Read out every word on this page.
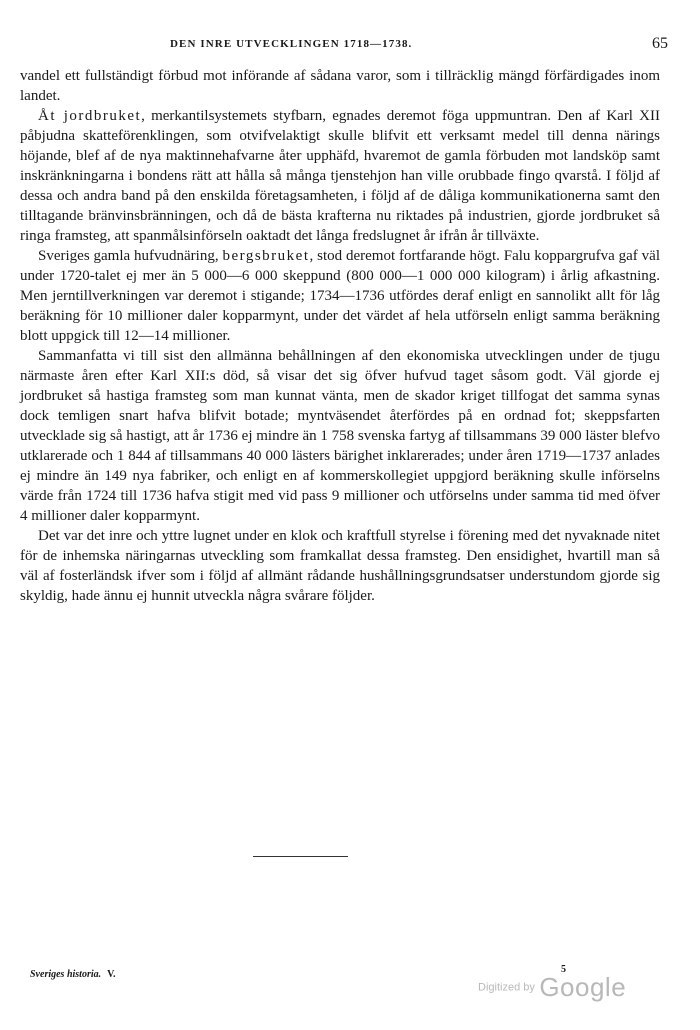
DEN INRE UTVECKLINGEN 1718—1738.	65

vandel ett fullständigt förbud mot införande af sådana varor, som i tillräcklig mängd förfärdigades inom landet.

Åt jordbruket, merkantilsystemets styfbarn, egnades deremot föga uppmuntran. Den af Karl XII påbjudna skatteförenklingen, som otvifvelaktigt skulle blifvit ett verksamt medel till denna närings höjande, blef af de nya maktinnehafvarne åter upphäfd, hvaremot de gamla förbuden mot landsköp samt inskränkningarna i bondens rätt att hålla så många tjenstehjon han ville orubbade fingo qvarstå. I följd af dessa och andra band på den enskilda företagsamheten, i följd af de dåliga kommunikationerna samt den tilltagande bränvinsbränningen, och då de bästa krafterna nu riktades på industrien, gjorde jordbruket så ringa framsteg, att spanmålsinförseln oaktadt det långa fredslugnet år ifrån år tillväxte.

Sveriges gamla hufvudnäring, bergsbruket, stod deremot fortfarande högt. Falu koppargrufva gaf väl under 1720-talet ej mer än 5 000—6 000 skeppund (800 000—1 000 000 kilogram) i årlig afkastning. Men jerntillverkningen var deremot i stigande; 1734—1736 utfördes deraf enligt en sannolikt allt för låg beräkning för 10 millioner daler kopparmynt, under det värdet af hela utförseln enligt samma beräkning blott uppgick till 12—14 millioner.

Sammanfatta vi till sist den allmänna behållningen af den ekonomiska utvecklingen under de tjugu närmaste åren efter Karl XII:s död, så visar det sig öfver hufvud taget såsom godt. Väl gjorde ej jordbruket så hastiga framsteg som man kunnat vänta, men de skador kriget tillfogat det samma synas dock temligen snart hafva blifvit botade; myntväsendet återfördes på en ordnad fot; skeppsfarten utvecklade sig så hastigt, att år 1736 ej mindre än 1 758 svenska fartyg af tillsammans 39 000 läster blefvo utklarerade och 1 844 af tillsammans 40 000 lästers bärighet inklarerades; under åren 1719—1737 anlades ej mindre än 149 nya fabriker, och enligt en af kommerskollegiet uppgjord beräkning skulle införselns värde från 1724 till 1736 hafva stigit med vid pass 9 millioner och utförselns under samma tid med öfver 4 millioner daler kopparmynt.

Det var det inre och yttre lugnet under en klok och kraftfull styrelse i förening med det nyvaknade nitet för de inhemska näringarnas utveckling som framkallat dessa framsteg. Den ensidighet, hvartill man så väl af fosterländsk ifver som i följd af allmänt rådande hushållningsgrundsatser understundom gjorde sig skyldig, hade ännu ej hunnit utveckla några svårare följder.

Sveriges historia. V.	5
Digitized by Google
